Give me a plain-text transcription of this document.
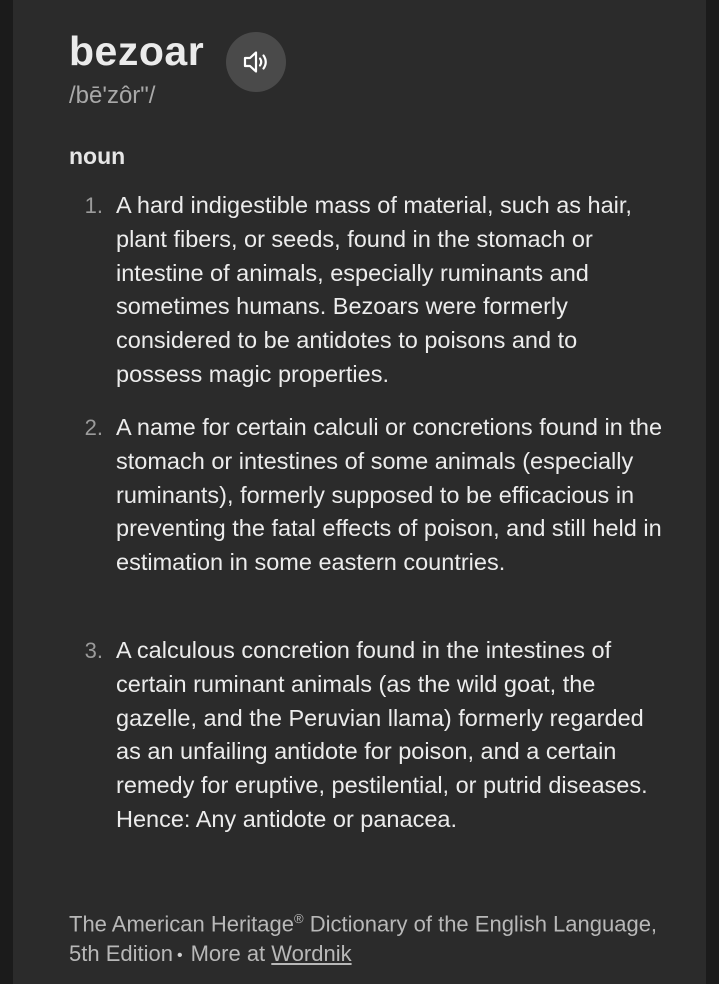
bezoar
/bē'zôr"/
noun
1. A hard indigestible mass of material, such as hair, plant fibers, or seeds, found in the stomach or intestine of animals, especially ruminants and sometimes humans. Bezoars were formerly considered to be antidotes to poisons and to possess magic properties.
2. A name for certain calculi or concretions found in the stomach or intestines of some animals (especially ruminants), formerly supposed to be efficacious in preventing the fatal effects of poison, and still held in estimation in some eastern countries.
3. A calculous concretion found in the intestines of certain ruminant animals (as the wild goat, the gazelle, and the Peruvian llama) formerly regarded as an unfailing antidote for poison, and a certain remedy for eruptive, pestilential, or putrid diseases. Hence: Any antidote or panacea.
The American Heritage® Dictionary of the English Language, 5th Edition • More at Wordnik
